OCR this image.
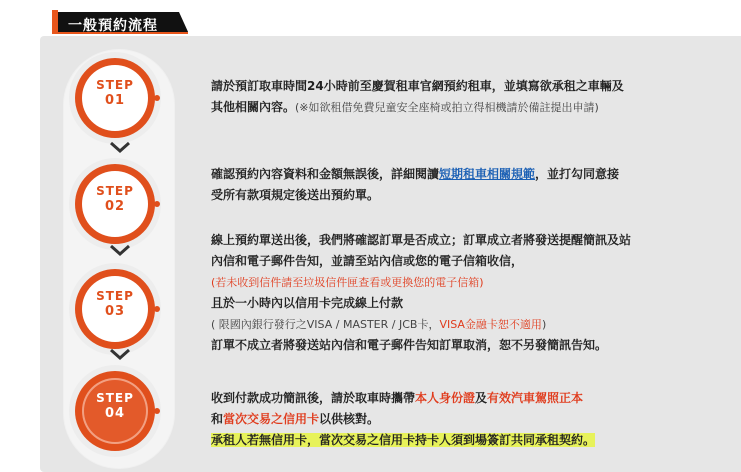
一般預約流程
STEP
01
STEP
02
STEP
03
STEP
04
請於預訂取車時間24小時前至慶賀租車官網預約租車，並填寫欲承租之車輛及
其他相關內容。(※如欲租借免費兒童安全座椅或拍立得相機請於備註提出申請)
確認預約內容資料和金額無誤後，詳細閱讀短期租車相關規範，並打勾同意接
受所有款項規定後送出預約單。
線上預約單送出後，我們將確認訂單是否成立；訂單成立者將發送提醒簡訊及站
內信和電子郵件告知，並請至站內信或您的電子信箱收信，
(若未收到信件請至垃圾信件匣查看或更換您的電子信箱)
且於一小時內以信用卡完成線上付款
( 限國內銀行發行之VISA / MASTER / JCB卡，VISA金融卡恕不適用)
訂單不成立者將發送站內信和電子郵件告知訂單取消，恕不另發簡訊告知。
收到付款成功簡訊後，請於取車時攜帶本人身份證及有效汽車駕照正本
和當次交易之信用卡以供核對。
承租人若無信用卡，當次交易之信用卡持卡人須到場簽訂共同承租契約。
